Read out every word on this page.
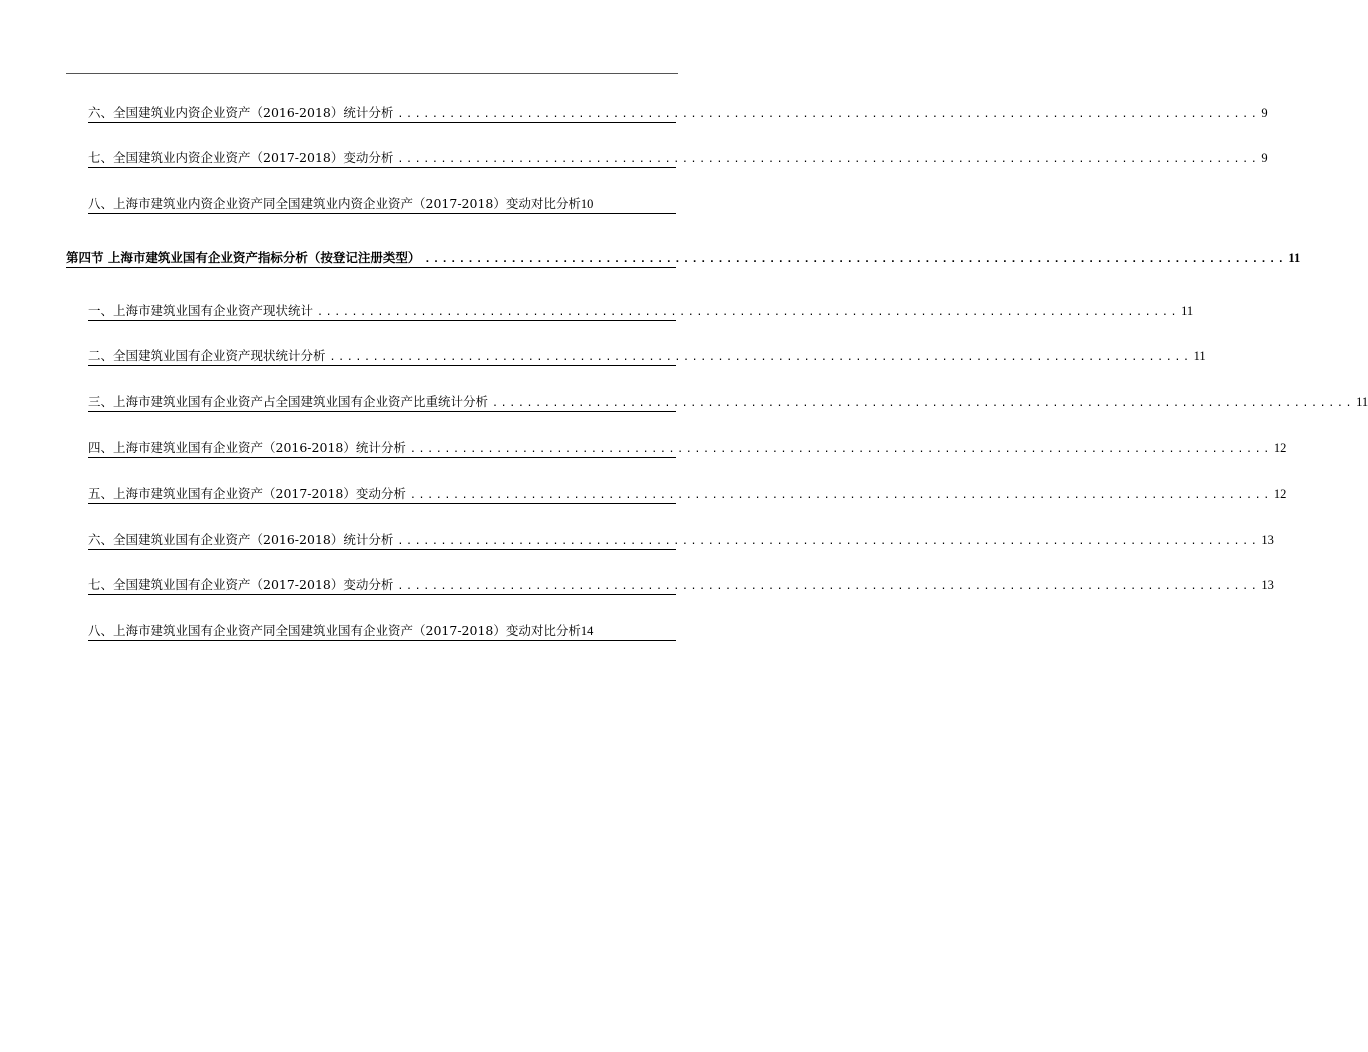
六、全国建筑业内资企业资产（2016-2018）统计分析 .................................................................................................... 9
七、全国建筑业内资企业资产（2017-2018）变动分析 .................................................................................................... 9
八、上海市建筑业内资企业资产同全国建筑业内资企业资产（2017-2018）变动对比分析 10
第四节 上海市建筑业国有企业资产指标分析（按登记注册类型） .................................................................................................... 11
一、上海市建筑业国有企业资产现状统计 .................................................................................................... 11
二、全国建筑业国有企业资产现状统计分析 .................................................................................................... 11
三、上海市建筑业国有企业资产占全国建筑业国有企业资产比重统计分析 .................................................................................................... 11
四、上海市建筑业国有企业资产（2016-2018）统计分析 .................................................................................................... 12
五、上海市建筑业国有企业资产（2017-2018）变动分析 .................................................................................................... 12
六、全国建筑业国有企业资产（2016-2018）统计分析 .................................................................................................... 13
七、全国建筑业国有企业资产（2017-2018）变动分析 .................................................................................................... 13
八、上海市建筑业国有企业资产同全国建筑业国有企业资产（2017-2018）变动对比分析 14
